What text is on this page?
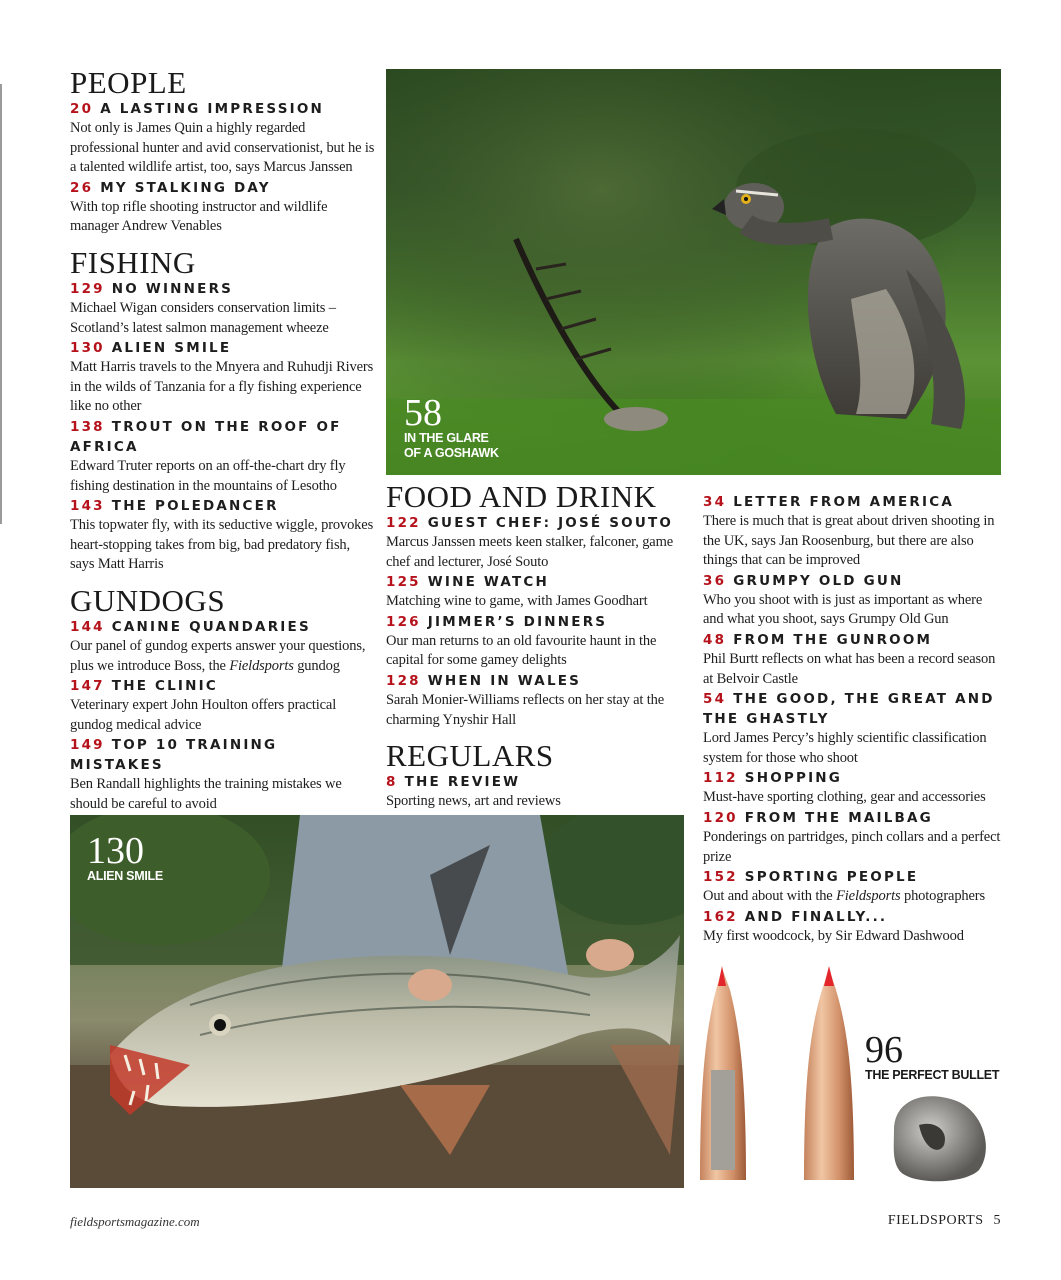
PEOPLE
20 A LASTING IMPRESSION
Not only is James Quin a highly regarded professional hunter and avid conservationist, but he is a talented wildlife artist, too, says Marcus Janssen
26 MY STALKING DAY
With top rifle shooting instructor and wildlife manager Andrew Venables
FISHING
129 NO WINNERS
Michael Wigan considers conservation limits – Scotland’s latest salmon management wheeze
130 ALIEN SMILE
Matt Harris travels to the Mnyera and Ruhudji Rivers in the wilds of Tanzania for a fly fishing experience like no other
138 TROUT ON THE ROOF OF AFRICA
Edward Truter reports on an off-the-chart dry fly fishing destination in the mountains of Lesotho
143 THE POLEDANCER
This topwater fly, with its seductive wiggle, provokes heart-stopping takes from big, bad predatory fish, says Matt Harris
GUNDOGS
144 CANINE QUANDARIES
Our panel of gundog experts answer your questions, plus we introduce Boss, the Fieldsports gundog
147 THE CLINIC
Veterinary expert John Houlton offers practical gundog medical advice
149 TOP 10 TRAINING MISTAKES
Ben Randall highlights the training mistakes we should be careful to avoid
58
IN THE GLARE
OF A GOSHAWK
FOOD AND DRINK
122 GUEST CHEF: JOSÉ SOUTO
Marcus Janssen meets keen stalker, falconer, game chef and lecturer, José Souto
125 WINE WATCH
Matching wine to game, with James Goodhart
126 JIMMER’S DINNERS
Our man returns to an old favourite haunt in the capital for some gamey delights
128 WHEN IN WALES
Sarah Monier-Williams reflects on her stay at the charming Ynyshir Hall
REGULARS
8 THE REVIEW
Sporting news, art and reviews
34 LETTER FROM AMERICA
There is much that is great about driven shooting in the UK, says Jan Roosenburg, but there are also things that can be improved
36 GRUMPY OLD GUN
Who you shoot with is just as important as where and what you shoot, says Grumpy Old Gun
48 FROM THE GUNROOM
Phil Burtt reflects on what has been a record season at Belvoir Castle
54 THE GOOD, THE GREAT AND THE GHASTLY
Lord James Percy’s highly scientific classification system for those who shoot
112 SHOPPING
Must-have sporting clothing, gear and accessories
120 FROM THE MAILBAG
Ponderings on partridges, pinch collars and a perfect prize
152 SPORTING PEOPLE
Out and about with the Fieldsports photographers
162 AND FINALLY...
My first woodcock, by Sir Edward Dashwood
130
ALIEN SMILE
96
THE PERFECT BULLET
fieldsportsmagazine.com	FIELDSPORTS 5
